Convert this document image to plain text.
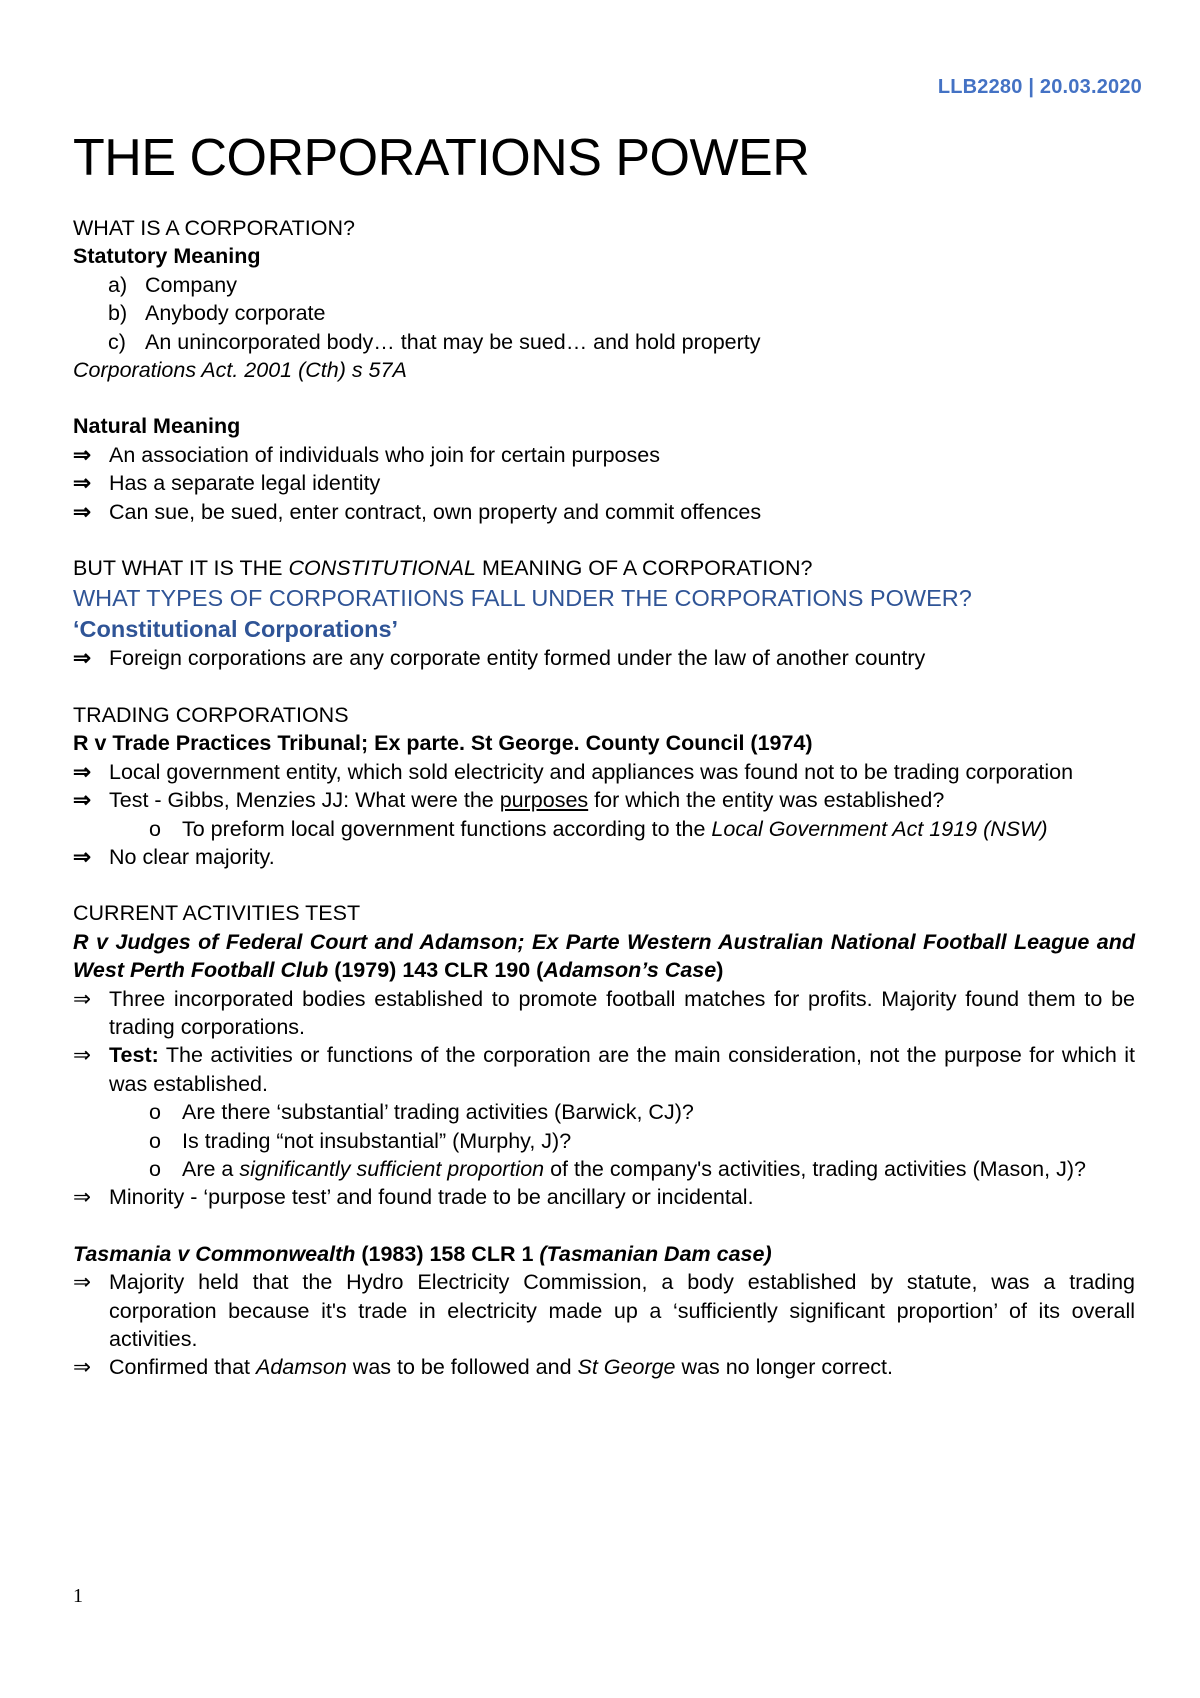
LLB2280 | 20.03.2020
THE CORPORATIONS POWER

WHAT IS A CORPORATION?

Statutory Meaning

a) Company
b) Anybody corporate
c) An unincorporated body… that may be sued… and hold property

Corporations Act. 2001 (Cth) s 57A

Natural Meaning

⇒ An association of individuals who join for certain purposes

⇒ Has a separate legal identity

⇒ Can sue, be sued, enter contract, own property and commit offences

BUT WHAT IT IS THE CONSTITUTIONAL MEANING OF A CORPORATION?

WHAT TYPES OF CORPORATIIONS FALL UNDER THE CORPORATIONS POWER?

‘Constitutional Corporations’

⇒ Foreign corporations are any corporate entity formed under the law of another country

TRADING CORPORATIONS

R v Trade Practices Tribunal; Ex parte. St George. County Council (1974)

⇒ Local government entity, which sold electricity and appliances was found not to be trading corporation

⇒ Test - Gibbs, Menzies JJ: What were the purposes for which the entity was established?

o To preform local government functions according to the Local Government Act 1919 (NSW)

⇒ No clear majority.

CURRENT ACTIVITIES TEST

R v Judges of Federal Court and Adamson; Ex Parte Western Australian National Football League and West Perth Football Club (1979) 143 CLR 190 (Adamson’s Case)

⇒ Three incorporated bodies established to promote football matches for profits. Majority found them to be trading corporations.

⇒ Test: The activities or functions of the corporation are the main consideration, not the purpose for which it was established.

o Are there ‘substantial’ trading activities (Barwick, CJ)?

o Is trading “not insubstantial” (Murphy, J)?

o Are a significantly sufficient proportion of the company's activities, trading activities (Mason, J)?

⇒ Minority - ‘purpose test’ and found trade to be ancillary or incidental.

Tasmania v Commonwealth (1983) 158 CLR 1 (Tasmanian Dam case)

⇒ Majority held that the Hydro Electricity Commission, a body established by statute, was a trading corporation because it's trade in electricity made up a ‘sufficiently significant proportion’ of its overall activities.

⇒ Confirmed that Adamson was to be followed and St George was no longer correct.

1
